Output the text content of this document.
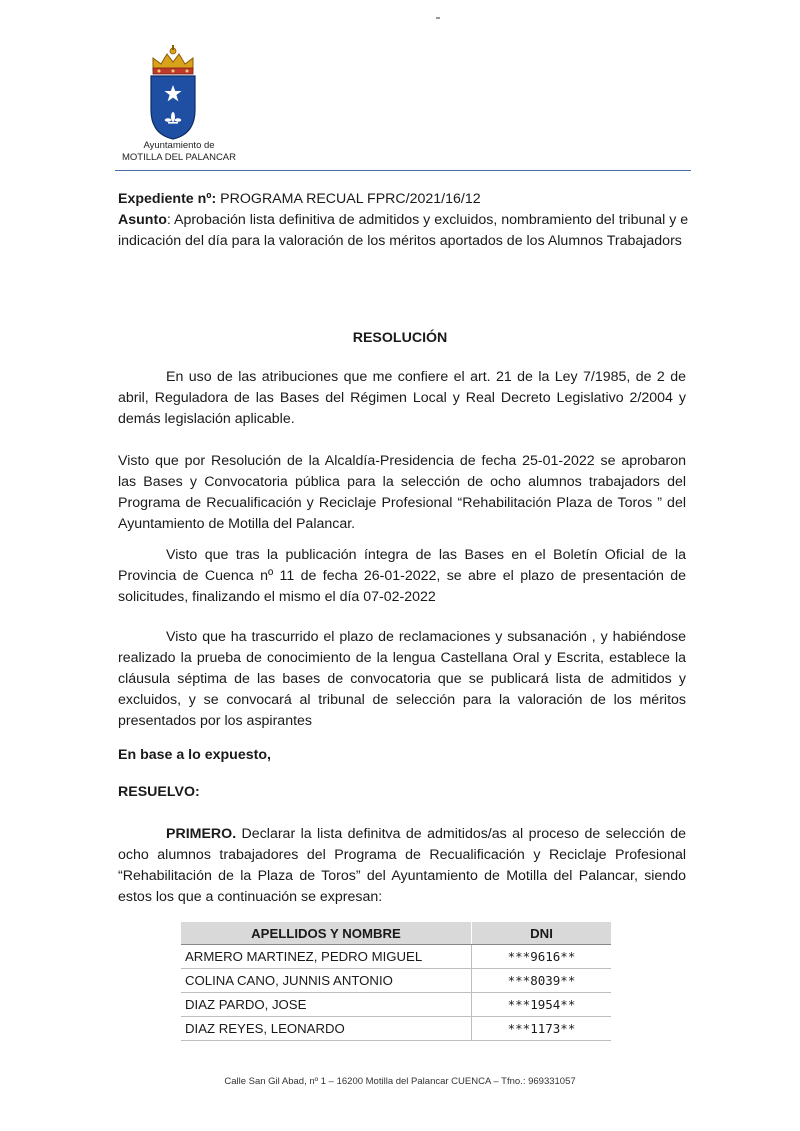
Ayuntamiento de
MOTILLA DEL PALANCAR
Expediente nº: PROGRAMA RECUAL FPRC/2021/16/12
Asunto: Aprobación lista definitiva de admitidos y excluidos, nombramiento del tribunal y e indicación del día para la valoración de los méritos aportados de los Alumnos Trabajadors
RESOLUCIÓN
En uso de las atribuciones que me confiere el art. 21 de la Ley 7/1985, de 2 de abril, Reguladora de las Bases del Régimen Local y Real Decreto Legislativo 2/2004 y demás legislación aplicable.
Visto que por Resolución de la Alcaldía-Presidencia de fecha 25-01-2022 se aprobaron las Bases y Convocatoria pública para la selección de ocho alumnos trabajadors del Programa de Recualificación y Reciclaje Profesional “Rehabilitación Plaza de Toros ” del Ayuntamiento de Motilla del Palancar.
Visto que tras la publicación íntegra de las Bases en el Boletín Oficial de la Provincia de Cuenca nº 11 de fecha 26-01-2022, se abre el plazo de presentación de solicitudes, finalizando el mismo el día 07-02-2022
Visto que ha trascurrido el plazo de reclamaciones y subsanación , y habiéndose realizado la prueba de conocimiento de la lengua Castellana Oral y Escrita, establece la cláusula séptima de las bases de convocatoria que se publicará lista de admitidos y excluidos, y se convocará al tribunal de selección para la valoración de los méritos presentados por los aspirantes
En base a lo expuesto,
RESUELVO:
PRIMERO. Declarar la lista definitva de admitidos/as al proceso de selección de ocho alumnos trabajadores del Programa de Recualificación y Reciclaje Profesional “Rehabilitación de la Plaza de Toros” del Ayuntamiento de Motilla del Palancar, siendo estos los que a continuación se expresan:
APELLIDOS Y NOMBRE	DNI
ARMERO MARTINEZ, PEDRO MIGUEL	***9616**
COLINA CANO, JUNNIS ANTONIO	***8039**
DIAZ PARDO, JOSE	***1954**
DIAZ REYES, LEONARDO	***1173**
Calle San Gil Abad, nº 1 – 16200 Motilla del Palancar CUENCA – Tfno.: 969331057
